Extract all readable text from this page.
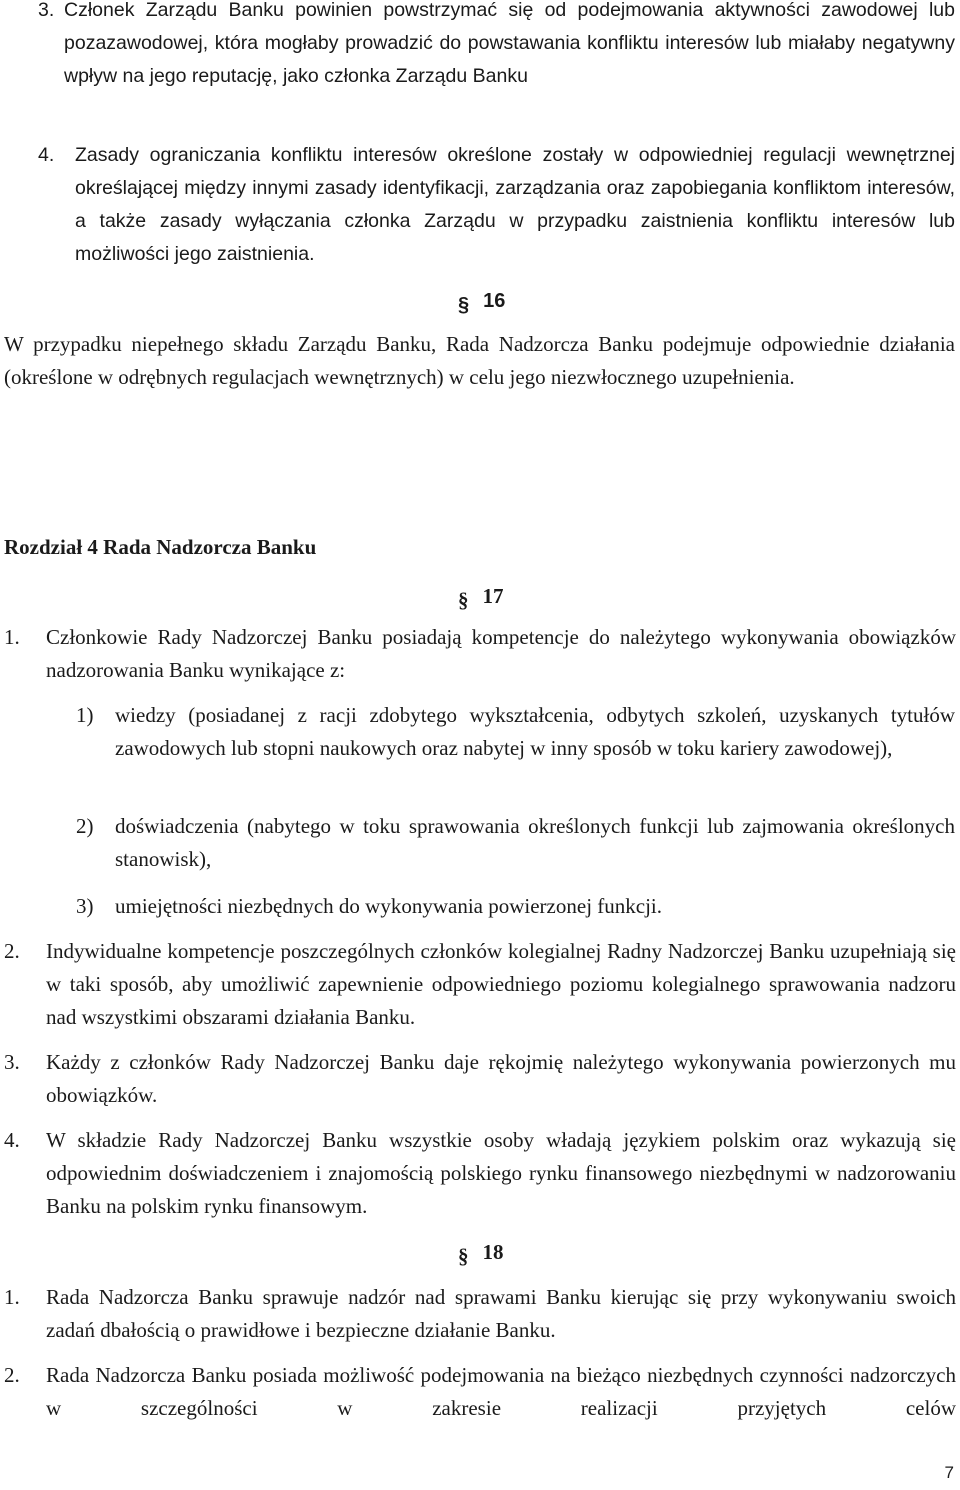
3. Członek Zarządu Banku powinien powstrzymać się od podejmowania aktywności zawodowej lub pozazawodowej, która mogłaby prowadzić do powstawania konfliktu interesów lub miałaby negatywny wpływ na jego reputację, jako członka Zarządu Banku

4. Zasady ograniczania konfliktu interesów określone zostały w odpowiedniej regulacji wewnętrznej określającej między innymi zasady identyfikacji, zarządzania oraz zapobiegania konfliktom interesów, a także zasady wyłączania członka Zarządu w przypadku zaistnienia konfliktu interesów lub możliwości jego zaistnienia.

§ 16

W przypadku niepełnego składu Zarządu Banku, Rada Nadzorcza Banku podejmuje odpowiednie działania (określone w odrębnych regulacjach wewnętrznych) w celu jego niezwłocznego uzupełnienia.

Rozdział 4 Rada Nadzorcza Banku
§ 17
1. Członkowie Rady Nadzorczej Banku posiadają kompetencje do należytego wykonywania obowiązków nadzorowania Banku wynikające z:

1) wiedzy (posiadanej z racji zdobytego wykształcenia, odbytych szkoleń, uzyskanych tytułów zawodowych lub stopni naukowych oraz nabytej w inny sposób w toku kariery zawodowej),

2) doświadczenia (nabytego w toku sprawowania określonych funkcji lub zajmowania określonych stanowisk),

3) umiejętności niezbędnych do wykonywania powierzonej funkcji.

2. Indywidualne kompetencje poszczególnych członków kolegialnej Radny Nadzorczej Banku uzupełniają się w taki sposób, aby umożliwić zapewnienie odpowiedniego poziomu kolegialnego sprawowania nadzoru nad wszystkimi obszarami działania Banku.

3. Każdy z członków Rady Nadzorczej Banku daje rękojmię należytego wykonywania powierzonych mu obowiązków.

4. W składzie Rady Nadzorczej Banku wszystkie osoby władają językiem polskim oraz wykazują się odpowiednim doświadczeniem i znajomością polskiego rynku finansowego niezbędnymi w nadzorowaniu Banku na polskim rynku finansowym.

§ 18
1. Rada Nadzorcza Banku sprawuje nadzór nad sprawami Banku kierując się przy wykonywaniu swoich zadań dbałością o prawidłowe i bezpieczne działanie Banku.

2. Rada Nadzorcza Banku posiada możliwość podejmowania na bieżąco niezbędnych czynności nadzorczych w szczególności w zakresie realizacji przyjętych celów

7
